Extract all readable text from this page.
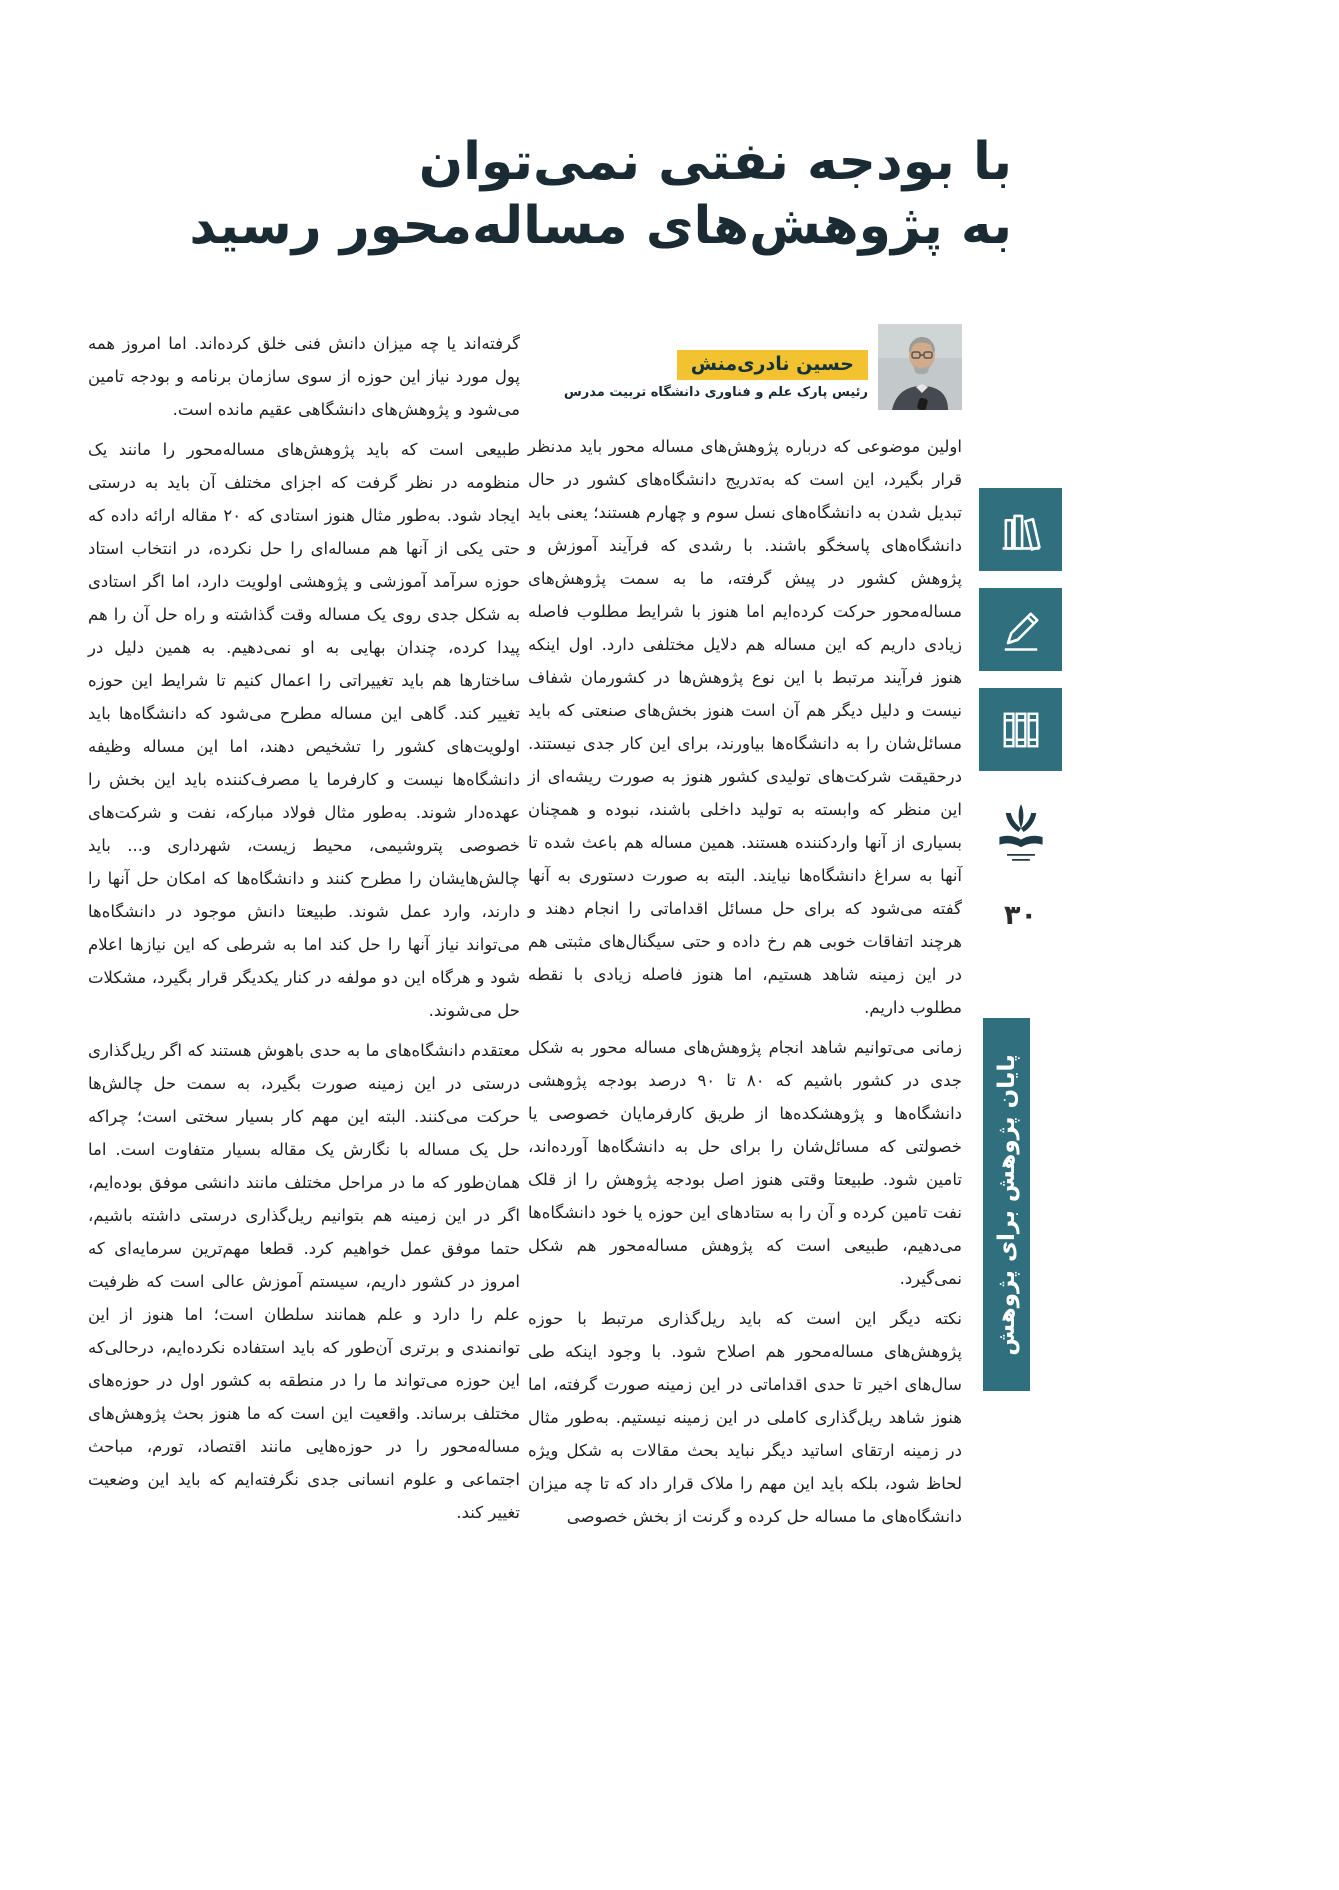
با بودجه نفتی نمی‌توان
به پژوهش‌های مساله‌محور رسید
حسین نادری‌منش
رئیس پارک علم و فناوری دانشگاه تربیت مدرس

اولین موضوعی که درباره پژوهش‌های مساله محور باید مدنظر قرار بگیرد، این است که به‌تدریج دانشگاه‌های کشور در حال تبدیل شدن به دانشگاه‌های نسل سوم و چهارم هستند؛ یعنی باید دانشگاه‌های پاسخگو باشند. با رشدی که فرآیند آموزش و پژوهش کشور در پیش گرفته، ما به سمت پژوهش‌های مساله‌محور حرکت کرده‌ایم اما هنوز با شرایط مطلوب فاصله زیادی داریم که این مساله هم دلایل مختلفی دارد. اول اینکه هنوز فرآیند مرتبط با این نوع پژوهش‌ها در کشورمان شفاف نیست و دلیل دیگر هم آن است هنوز بخش‌های صنعتی که باید مسائل‌شان را به دانشگاه‌ها بیاورند، برای این کار جدی نیستند. درحقیقت شرکت‌های تولیدی کشور هنوز به صورت ریشه‌ای از این منظر که وابسته به تولید داخلی باشند، نبوده و همچنان بسیاری از آنها واردکننده هستند. همین مساله هم باعث شده تا آنها به سراغ دانشگاه‌ها نیایند. البته به صورت دستوری به آنها گفته می‌شود که برای حل مسائل اقداماتی را انجام دهند و هرچند اتفاقات خوبی هم رخ داده و حتی سیگنال‌های مثبتی هم در این زمینه شاهد هستیم، اما هنوز فاصله زیادی با نقطه مطلوب داریم.

زمانی می‌توانیم شاهد انجام پژوهش‌های مساله محور به شکل جدی در کشور باشیم که ۸۰ تا ۹۰ درصد بودجه پژوهشی دانشگاه‌ها و پژوهشکده‌ها از طریق کارفرمایان خصوصی یا خصولتی که مسائل‌شان را برای حل به دانشگاه‌ها آورده‌اند، تامین شود. طبیعتا وقتی هنوز اصل بودجه پژوهش را از قلک نفت تامین کرده و آن را به ستادهای این حوزه یا خود دانشگاه‌ها می‌دهیم، طبیعی است که پژوهش مساله‌محور هم شکل نمی‌گیرد.

نکته دیگر این است که باید ریل‌گذاری مرتبط با حوزه پژوهش‌های مساله‌محور هم اصلاح شود. با وجود اینکه طی سال‌های اخیر تا حدی اقداماتی در این زمینه صورت گرفته، اما هنوز شاهد ریل‌گذاری کاملی در این زمینه نیستیم. به‌طور مثال در زمینه ارتقای اساتید دیگر نباید بحث مقالات به شکل ویژه لحاظ شود، بلکه باید این مهم را ملاک قرار داد که تا چه میزان دانشگاه‌های ما مساله حل کرده و گرنت از بخش خصوصی

گرفته‌اند یا چه میزان دانش فنی خلق کرده‌اند. اما امروز همه پول مورد نیاز این حوزه از سوی سازمان برنامه و بودجه تامین می‌شود و پژوهش‌های دانشگاهی عقیم مانده است.

طبیعی است که باید پژوهش‌های مساله‌محور را مانند یک منظومه در نظر گرفت که اجزای مختلف آن باید به درستی ایجاد شود. به‌طور مثال هنوز استادی که ۲۰ مقاله ارائه داده که حتی یکی از آنها هم مساله‌ای را حل نکرده، در انتخاب استاد حوزه سرآمد آموزشی و پژوهشی اولویت دارد، اما اگر استادی به شکل جدی روی یک مساله وقت گذاشته و راه حل آن را هم پیدا کرده، چندان بهایی به او نمی‌دهیم. به همین دلیل در ساختارها هم باید تغییراتی را اعمال کنیم تا شرایط این حوزه تغییر کند. گاهی این مساله مطرح می‌شود که دانشگاه‌ها باید اولویت‌های کشور را تشخیص دهند، اما این مساله وظیفه دانشگاه‌ها نیست و کارفرما یا مصرف‌کننده باید این بخش را عهده‌دار شوند. به‌طور مثال فولاد مبارکه، نفت و شرکت‌های خصوصی پتروشیمی، محیط زیست، شهرداری و... باید چالش‌هایشان را مطرح کنند و دانشگاه‌ها که امکان حل آنها را دارند، وارد عمل شوند. طبیعتا دانش موجود در دانشگاه‌ها می‌تواند نیاز آنها را حل کند اما به شرطی که این نیازها اعلام شود و هرگاه این دو مولفه در کنار یکدیگر قرار بگیرد، مشکلات حل می‌شوند.

معتقدم دانشگاه‌های ما به حدی باهوش هستند که اگر ریل‌گذاری درستی در این زمینه صورت بگیرد، به سمت حل چالش‌ها حرکت می‌کنند. البته این مهم کار بسیار سختی است؛ چراکه حل یک مساله با نگارش یک مقاله بسیار متفاوت است. اما همان‌طور که ما در مراحل مختلف مانند دانشی موفق بوده‌ایم، اگر در این زمینه هم بتوانیم ریل‌گذاری درستی داشته باشیم، حتما موفق عمل خواهیم کرد. قطعا مهم‌ترین سرمایه‌ای که امروز در کشور داریم، سیستم آموزش عالی است که ظرفیت علم را دارد و علم همانند سلطان است؛ اما هنوز از این توانمندی و برتری آن‌طور که باید استفاده نکرده‌ایم، درحالی‌که این حوزه می‌تواند ما را در منطقه به کشور اول در حوزه‌های مختلف برساند. واقعیت این است که ما هنوز بحث پژوهش‌های مساله‌محور را در حوزه‌هایی مانند اقتصاد، تورم، مباحث اجتماعی و علوم انسانی جدی نگرفته‌ایم که باید این وضعیت تغییر کند.

۳۰
پایان پژوهش برای پژوهش
